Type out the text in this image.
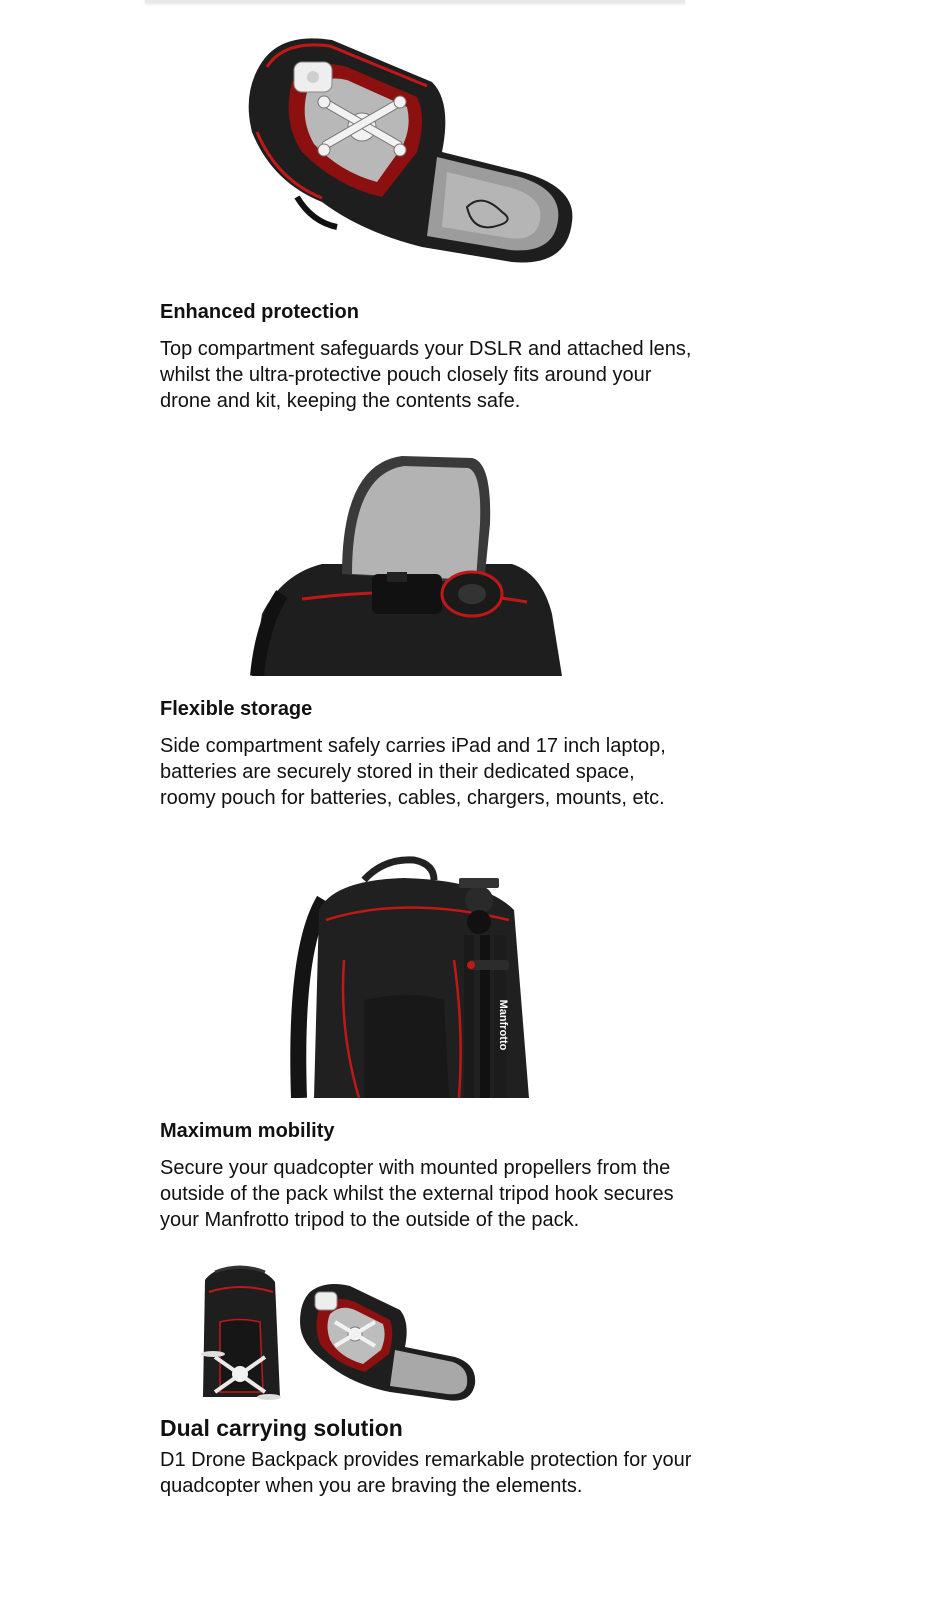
Enhanced protection

Top compartment safeguards your DSLR and attached lens, whilst the ultra-protective pouch closely fits around your drone and kit, keeping the contents safe.

Flexible storage

Side compartment safely carries iPad and 17 inch laptop, batteries are securely stored in their dedicated space, roomy pouch for batteries, cables, chargers, mounts, etc.

Manfrotto
Maximum mobility

Secure your quadcopter with mounted propellers from the outside of the pack whilst the external tripod hook secures your Manfrotto tripod to the outside of the pack.

Dual carrying solution

D1 Drone Backpack provides remarkable protection for your quadcopter when you are braving the elements.
